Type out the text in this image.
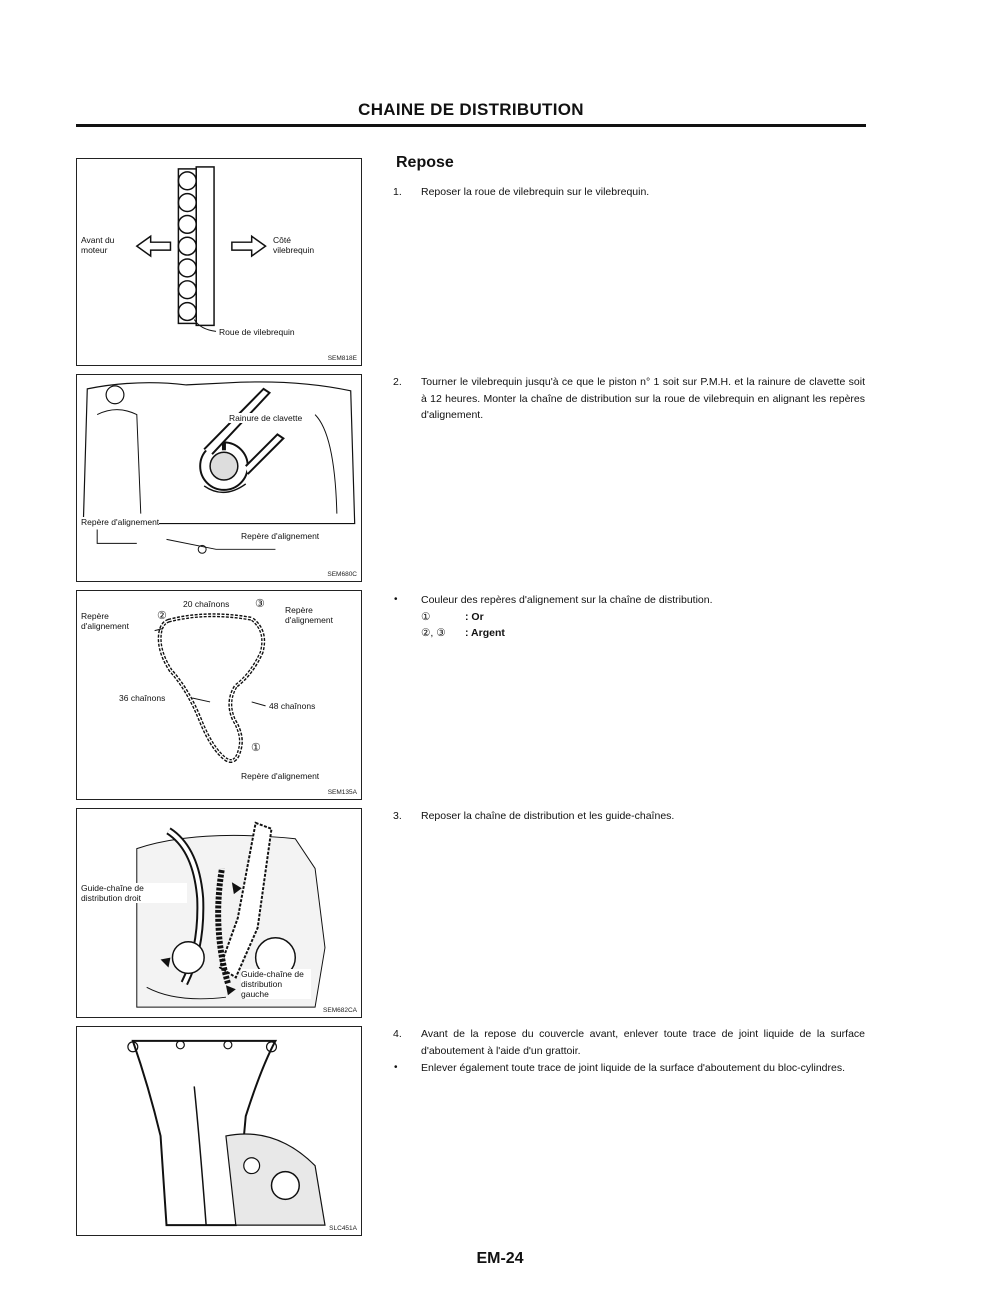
CHAINE DE DISTRIBUTION
Avant du moteur
Côté vilebrequin
Roue de vilebrequin
SEM818E
Rainure de clavette
Repère d'alignement
Repère d'alignement
SEM680C
Repère d'alignement
②
20 chaînons ③ Repère d'alignement
36 chaînons
48 chaînons
①
Repère d'alignement
SEM135A
Guide-chaîne de distribution droit
Guide-chaîne de distribution gauche
SEM682CA
SLC451A
Repose
1. Reposer la roue de vilebrequin sur le vilebrequin.
2. Tourner le vilebrequin jusqu'à ce que le piston n° 1 soit sur P.M.H. et la rainure de clavette soit à 12 heures. Monter la chaîne de distribution sur la roue de vilebrequin en alignant les repères d'alignement.
• Couleur des repères d'alignement sur la chaîne de distribution.
①	: Or
②, ③ : Argent
3. Reposer la chaîne de distribution et les guide-chaînes.
4. Avant de la repose du couvercle avant, enlever toute trace de joint liquide de la surface d'aboutement à l'aide d'un grattoir.
• Enlever également toute trace de joint liquide de la surface d'aboutement du bloc-cylindres.
EM-24
